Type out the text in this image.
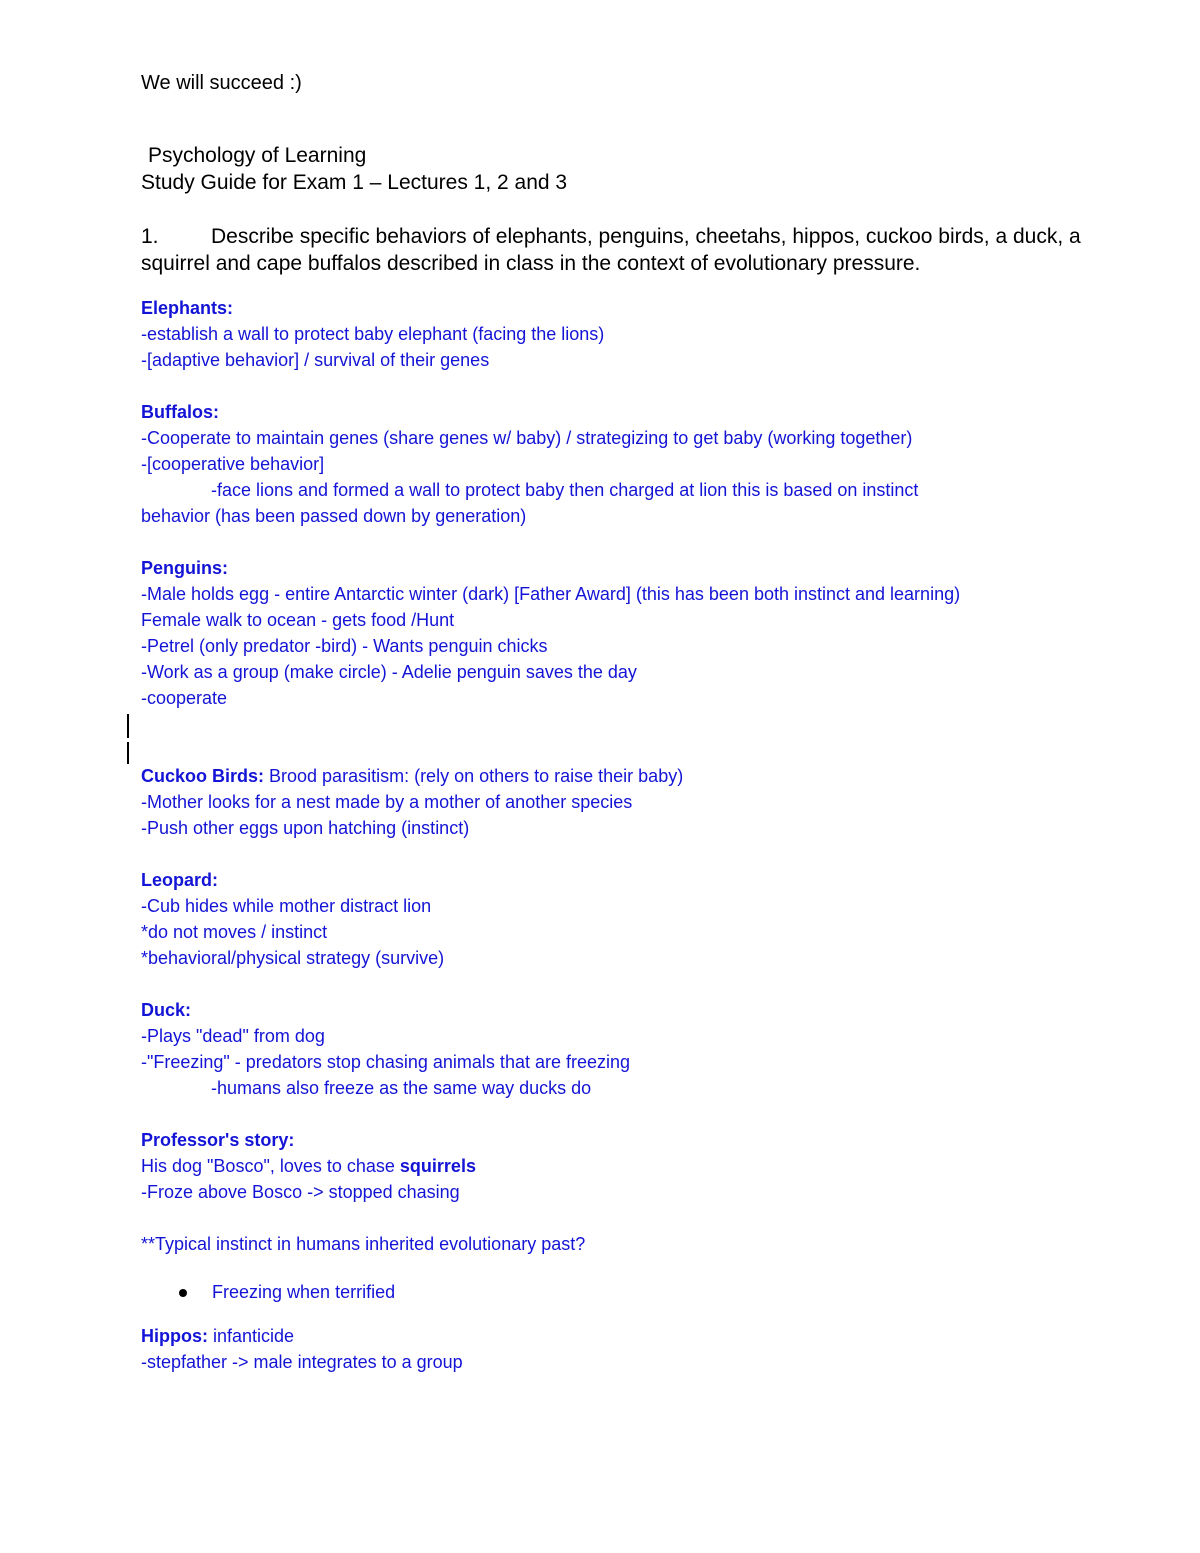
We will succeed :)

Psychology of Learning

Study Guide for Exam 1 – Lectures 1, 2 and 3

1. Describe specific behaviors of elephants, penguins, cheetahs, hippos, cuckoo birds, a duck, a squirrel and cape buffalos described in class in the context of evolutionary pressure.

Elephants:

-establish a wall to protect baby elephant (facing the lions)

-[adaptive behavior] / survival of their genes

Buffalos:

-Cooperate to maintain genes (share genes w/ baby) / strategizing to get baby (working together)

-[cooperative behavior]

-face lions and formed a wall to protect baby then charged at lion this is based on instinct

behavior (has been passed down by generation)

Penguins:

-Male holds egg - entire Antarctic winter (dark) [Father Award] (this has been both instinct and learning)

Female walk to ocean - gets food /Hunt

-Petrel (only predator -bird) - Wants penguin chicks

-Work as a group (make circle) - Adelie penguin saves the day

-cooperate

Cuckoo Birds: Brood parasitism: (rely on others to raise their baby)

-Mother looks for a nest made by a mother of another species

-Push other eggs upon hatching (instinct)

Leopard:

-Cub hides while mother distract lion

*do not moves / instinct

*behavioral/physical strategy (survive)

Duck:

-Plays "dead" from dog

-"Freezing" - predators stop chasing animals that are freezing

-humans also freeze as the same way ducks do

Professor's story:

His dog "Bosco", loves to chase squirrels

-Froze above Bosco -> stopped chasing

**Typical instinct in humans inherited evolutionary past?

Freezing when terrified

Hippos: infanticide

-stepfather -> male integrates to a group
